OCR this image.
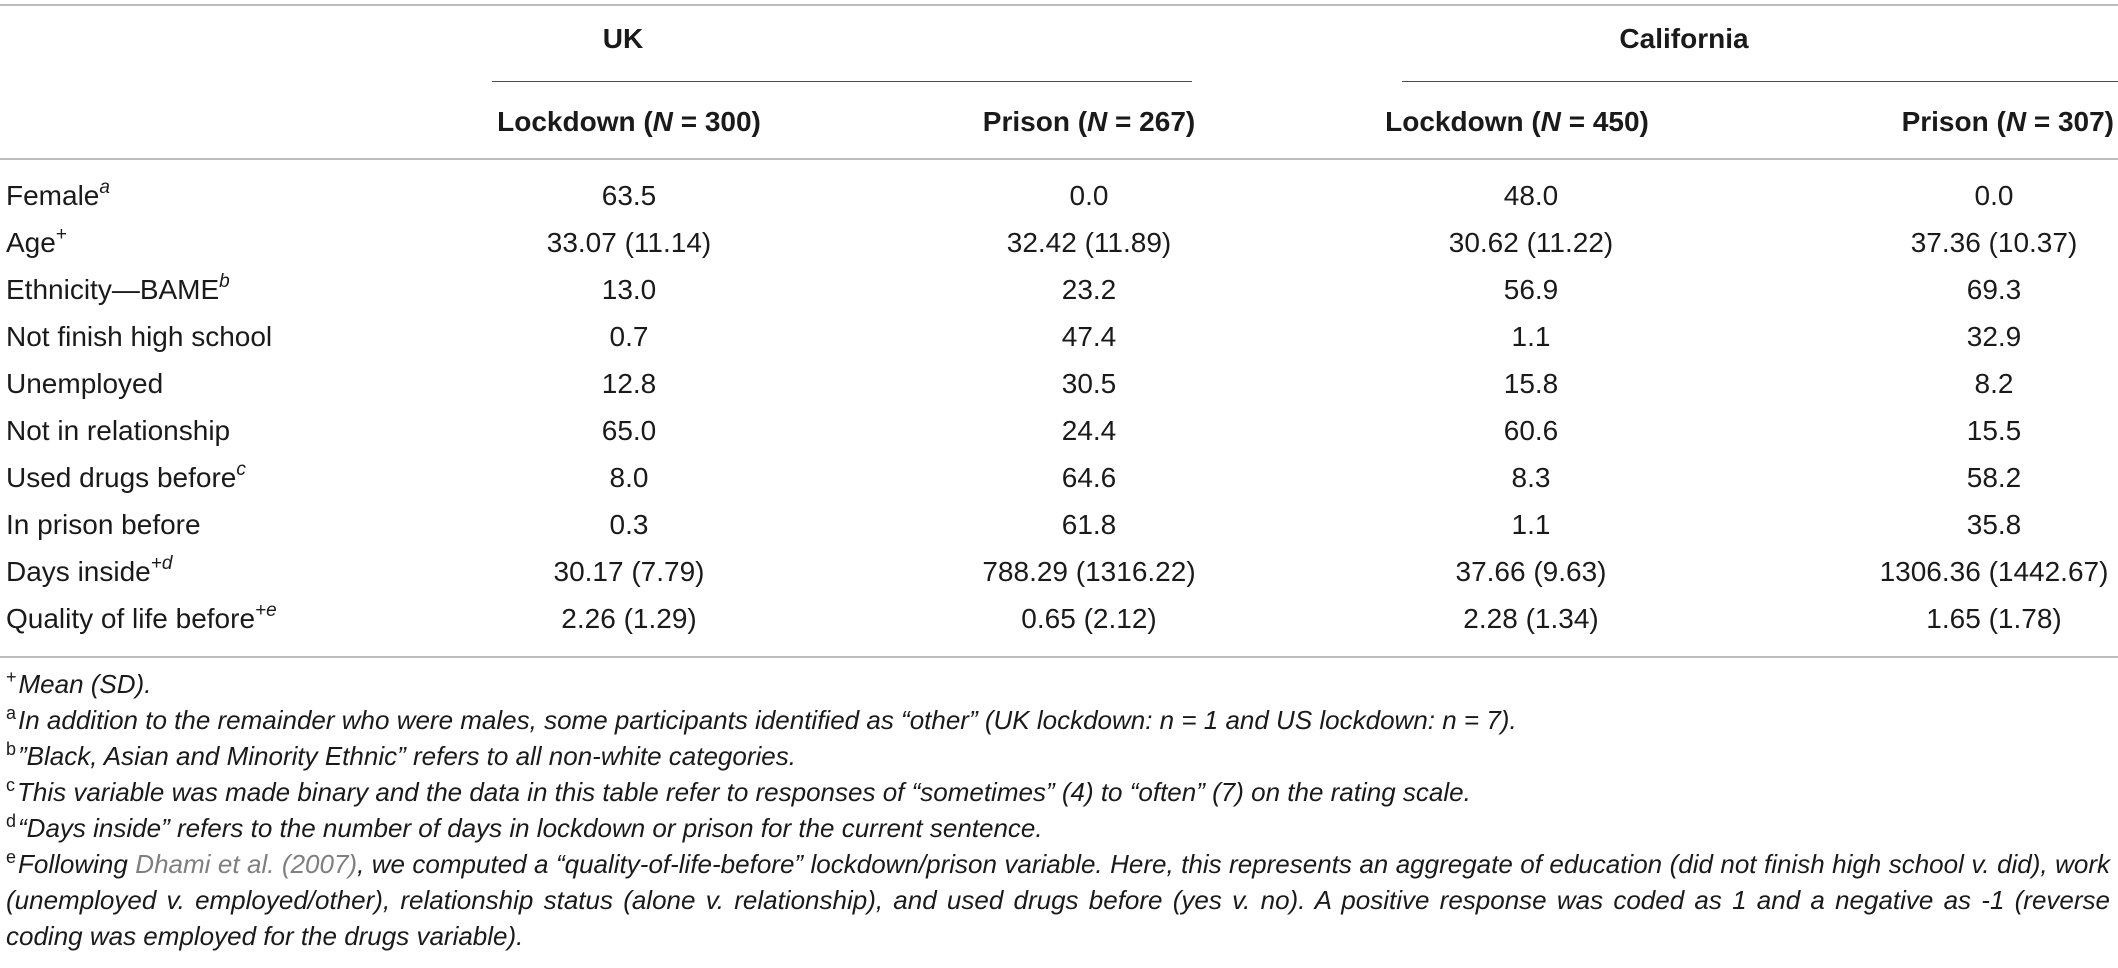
UK	California
Lockdown (N = 300)	Prison (N = 267)	Lockdown (N = 450)	Prison (N = 307)
Female$^a$	63.5	0.0	48.0	0.0
Age+	33.07 (11.14)	32.42 (11.89)	30.62 (11.22)	37.36 (10.37)
Ethnicity—BAME$^b$	13.0	23.2	56.9	69.3
Not finish high school	0.7	47.4	1.1	32.9
Unemployed	12.8	30.5	15.8	8.2
Not in relationship	65.0	24.4	60.6	15.5
Used drugs before$^c$	8.0	64.6	8.3	58.2
In prison before	0.3	61.8	1.1	35.8
Days inside$^{+d}$	30.17 (7.79)	788.29 (1316.22)	37.66 (9.63)	1306.36 (1442.67)
Quality of life before$^{+e}$	2.26 (1.29)	0.65 (2.12)	2.28 (1.34)	1.65 (1.78)
+Mean (SD).
$^a$In addition to the remainder who were males, some participants identified as “other” (UK lockdown: n = 1 and US lockdown: n = 7).
$^b$”Black, Asian and Minority Ethnic” refers to all non-white categories.
$^c$This variable was made binary and the data in this table refer to responses of “sometimes” (4) to “often” (7) on the rating scale.
$^d$“Days inside” refers to the number of days in lockdown or prison for the current sentence.
$^e$Following Dhami et al. (2007), we computed a “quality-of-life-before” lockdown/prison variable. Here, this represents an aggregate of education (did not finish high school v. did), work (unemployed v. employed/other), relationship status (alone v. relationship), and used drugs before (yes v. no). A positive response was coded as 1 and a negative as -1 (reverse coding was employed for the drugs variable).
